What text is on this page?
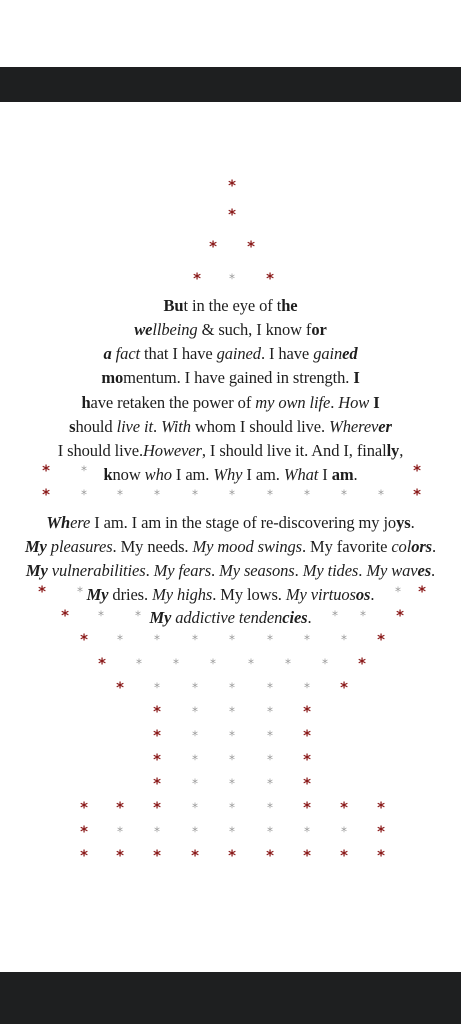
But in the eye of the
wellbeing & such, I know for
a fact that I have gained. I have gained
momentum. I have gained in strength. I
have retaken the power of my own life. How I
should live it. With whom I should live. Wherever
I should live.However, I should live it. And I, finally,
know who I am. Why I am. What I am.
Where I am. I am in the stage of re-discovering my joys.
My pleasures. My needs. My mood swings. My favorite colors.
My vulnerabilities. My fears. My seasons. My tides. My waves.
My dries. My highs. My lows. My virtuosos.
My addictive tendencies.
*
*
* *
* * *
*	*	*
*	*	*	*	*	*	*	*	*	* *
*	*	* *
* *	*	* * *
* *	*	*	*	*	*	* *
*	*	*	*	*	*	* *
*	*	*	*	*	* *
*	*	*	* *
*	*	*	* *
*	*	*	* *
*	*	*	* *
* * *	*	*	* * * *
* *	*	*	*	*	*	* *
* * * * * * * * *
